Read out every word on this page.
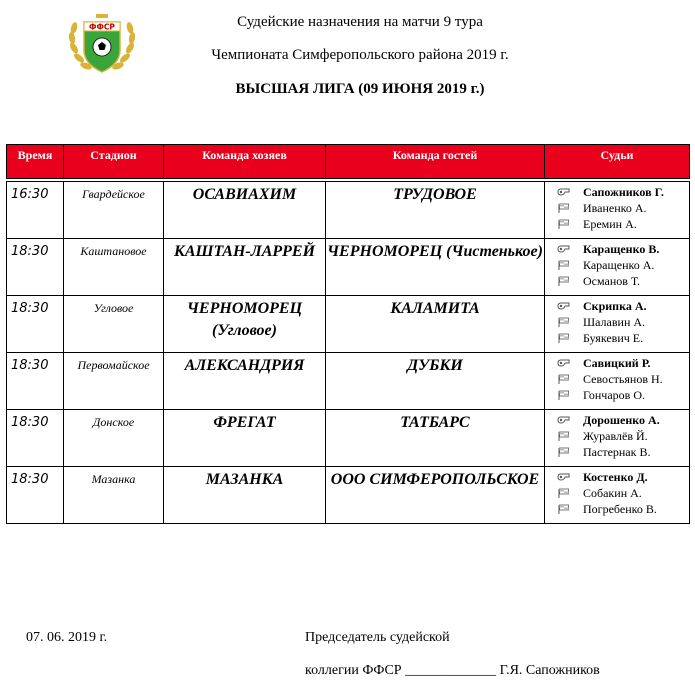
ФФСР	Судейские назначения на матчи 9 тура
Чемпионата Симферопольского района 2019 г.
ВЫСШАЯ ЛИГА (09 ИЮНЯ 2019 г.)
Время	Стадион	Команда хозяев	Команда гостей	Судьи

16:30	Гвардейское	ОСАВИАХИМ	ТРУДОВОЕ	Сапожников Г.
Иваненко А.
Еремин А.

18:30	Каштановое	КАШТАН-ЛАРРЕЙ	ЧЕРНОМОРЕЦ (Чистенькое)	Каращенко В.
Каращенко А.
Османов Т.

18:30	Угловое	ЧЕРНОМОРЕЦ (Угловое)	КАЛАМИТА	Скрипка А.
Шалавин А.
Буякевич Е.

18:30	Первомайское	АЛЕКСАНДРИЯ	ДУБКИ	Савицкий Р.
Севостьянов Н.
Гончаров О.

18:30	Донское	ФРЕГАТ	ТАТБАРС	Дорошенко А.
Журавлёв Й.
Пастернак В.

18:30	Мазанка	МАЗАНКА	ООО СИМФЕРОПОЛЬСКОЕ	Костенко Д.
Собакин А.
Погребенко В.
07. 06. 2019 г.	Председатель судейской
коллегии ФФСР _____________ Г.Я. Сапожников
